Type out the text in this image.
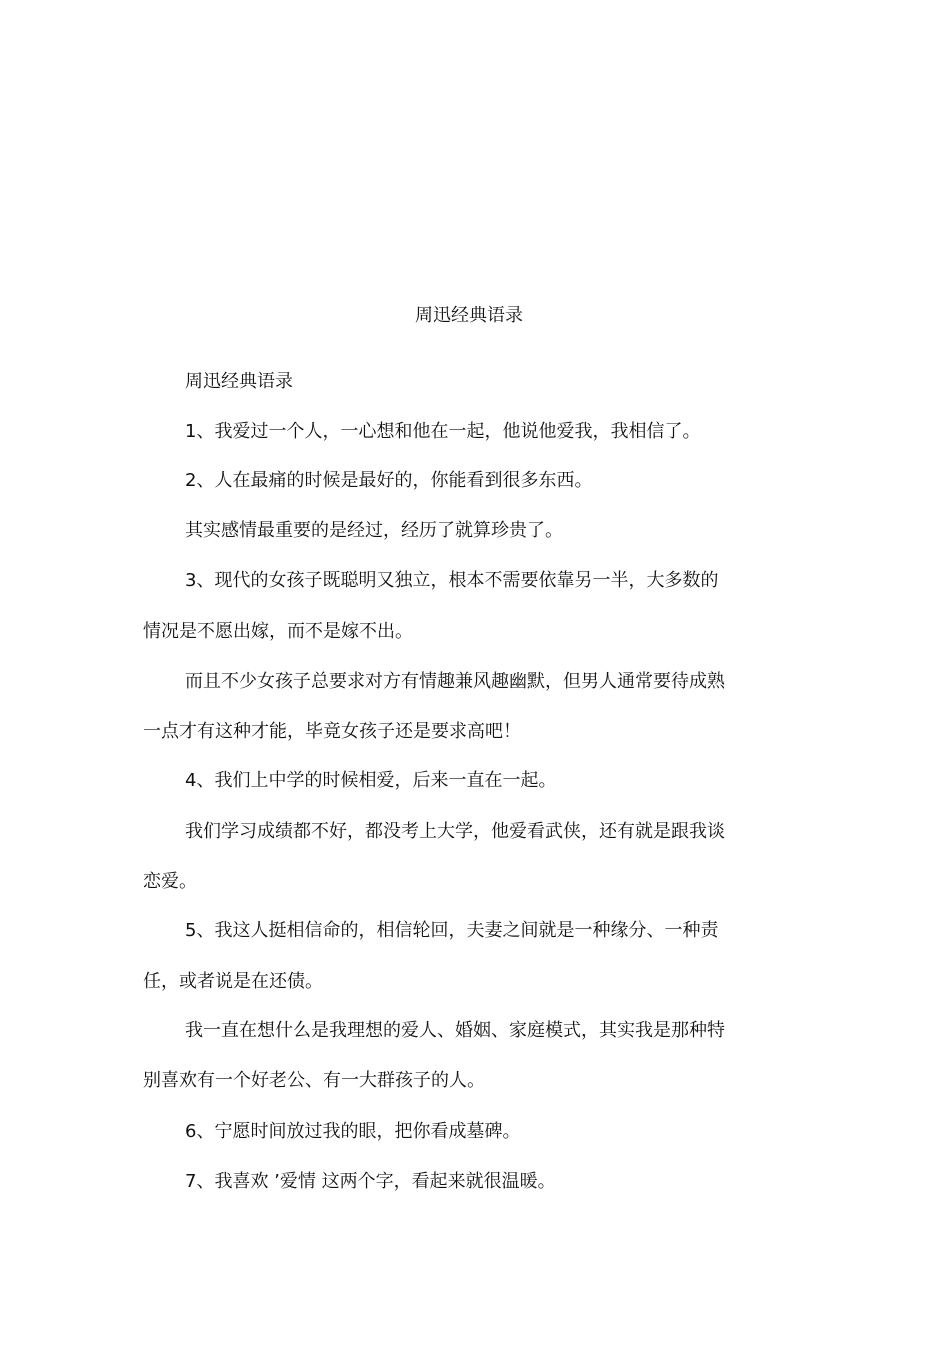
周迅经典语录
周迅经典语录
1、我爱过一个人，一心想和他在一起，他说他爱我，我相信了。
2、人在最痛的时候是最好的，你能看到很多东西。
其实感情最重要的是经过，经历了就算珍贵了。
3、现代的女孩子既聪明又独立，根本不需要依靠另一半，大多数的
情况是不愿出嫁，而不是嫁不出。
而且不少女孩子总要求对方有情趣兼风趣幽默，但男人通常要待成熟
一点才有这种才能，毕竟女孩子还是要求高吧！
4、我们上中学的时候相爱，后来一直在一起。
我们学习成绩都不好，都没考上大学，他爱看武侠，还有就是跟我谈
恋爱。
5、我这人挺相信命的，相信轮回，夫妻之间就是一种缘分、一种责
任，或者说是在还债。
我一直在想什么是我理想的爱人、婚姻、家庭模式，其实我是那种特
别喜欢有一个好老公、有一大群孩子的人。
6、宁愿时间放过我的眼，把你看成墓碑。
7、我喜欢 ’爱情 这两个字，看起来就很温暖。
